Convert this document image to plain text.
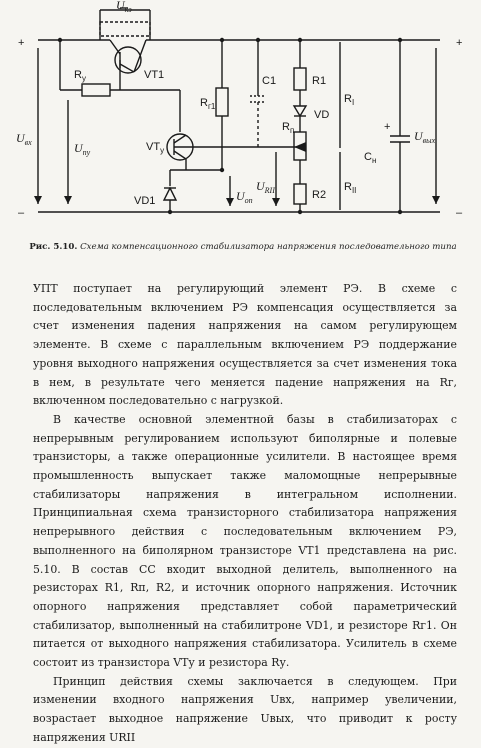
$U_{кэ}$
$R_y$	VT1
$R_{г1}$
C1	R1
VD
$R_п$
$R_I$
$R_{II}$
R2
$U_{вх}$	$U_{пу}$	$VT_у$
VD1	$U_{оп}$
$U_{RII}$
$C_н$
$U_{вых}$
+
–
+
–
+
Рис. 5.10. Схема компенсационного стабилизатора напряжения последовательного типа

УПТ поступает на регулирующий элемент РЭ. В схеме с последовательным включением РЭ компенсация осуществляется за счет изменения падения напряжения на самом регулирующем элементе. В схеме с параллельным включением РЭ поддержание уровня выходного напряжения осуществляется за счет изменения тока в нем, в результате чего меняется падение напряжения на Rг, включенном последовательно с нагрузкой.

В качестве основной элементной базы в стабилизаторах с непрерывным регулированием используют биполярные и полевые транзисторы, а также операционные усилители. В настоящее время промышленность выпускает также маломощные непрерывные стабилизаторы напряжения в интегральном исполнении. Принципиальная схема транзисторного стабилизатора напряжения непрерывного действия с последовательным включением РЭ, выполненного на биполярном транзисторе VT1 представлена на рис. 5.10. В состав СС входит выходной делитель, выполненного на резисторах R1, Rп, R2, и источник опорного напряжения. Источник опорного напряжения представляет собой параметрический стабилизатор, выполненный на стабилитроне VD1, и резисторе Rг1. Он питается от выходного напряжения стабилизатора. Усилитель в схеме состоит из транзистора VTу и резистора Rу.

Принцип действия схемы заключается в следующем. При изменении входного напряжения Uвх, например увеличении, возрастает выходное напряжение Uвых, что приводит к росту напряжения URII
